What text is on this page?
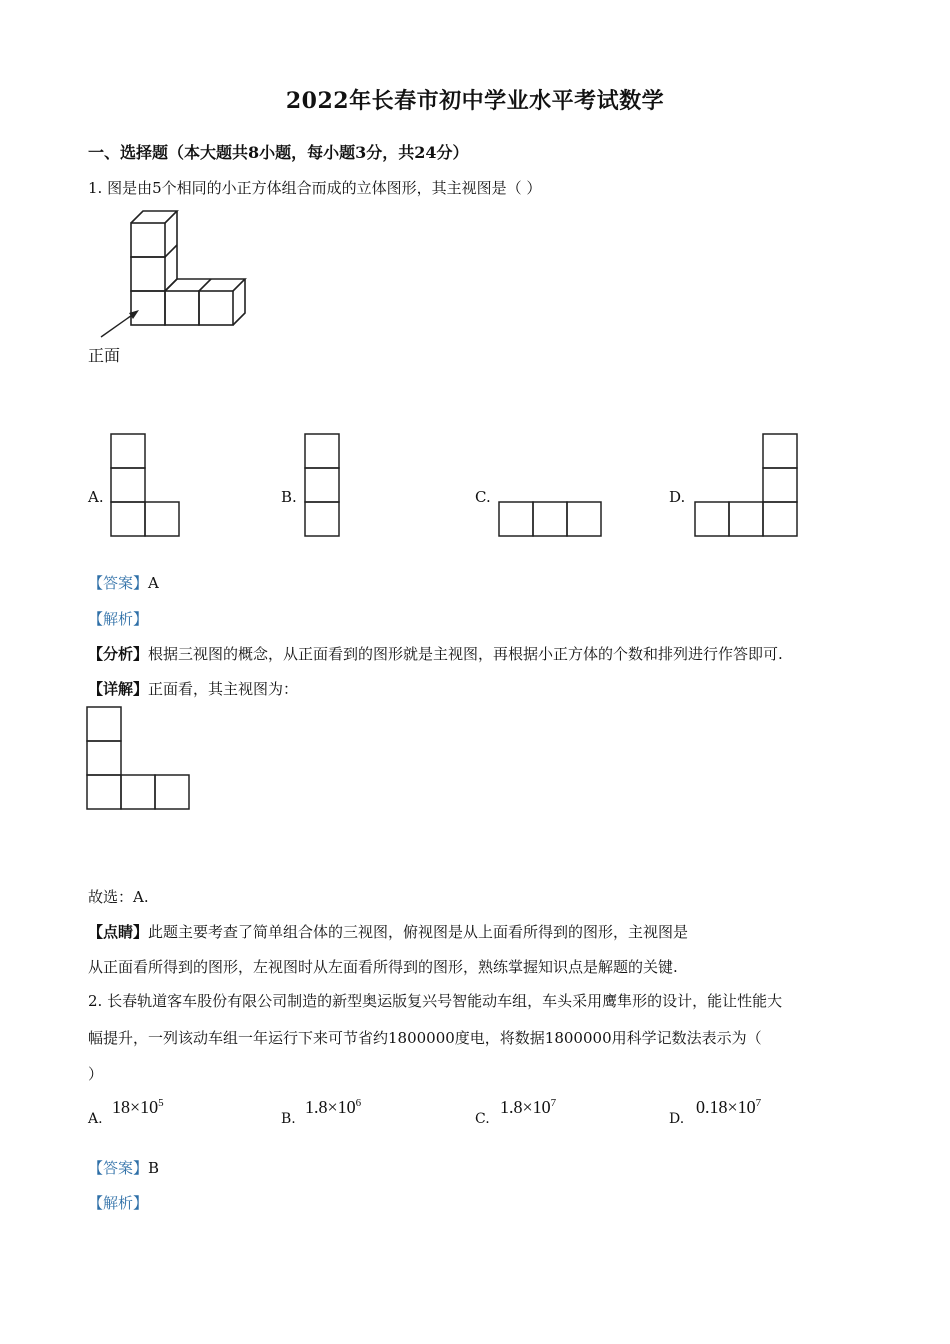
2022年长春市初中学业水平考试数学
一、选择题（本大题共8小题，每小题3分，共24分）
1. 图是由5个相同的小正方体组合而成的立体图形，其主视图是（ ）
正面
A.	B.	C.	D.
【答案】A
【解析】
【分析】根据三视图的概念，从正面看到的图形就是主视图，再根据小正方体的个数和排列进行作答即可.
【详解】正面看，其主视图为：
故选：A.
【点睛】此题主要考查了简单组合体的三视图，俯视图是从上面看所得到的图形，主视图是
从正面看所得到的图形，左视图时从左面看所得到的图形，熟练掌握知识点是解题的关键.
2. 长春轨道客车股份有限公司制造的新型奥运版复兴号智能动车组，车头采用鹰隼形的设计，能让性能大
幅提升，一列该动车组一年运行下来可节省约1800000度电，将数据1800000用科学记数法表示为（
）
A.
$18\times 10^5$
B.
$1.8\times 10^6$
C.
$1.8\times 10^7$
D.
$0.18\times 10^7$
【答案】B
【解析】
